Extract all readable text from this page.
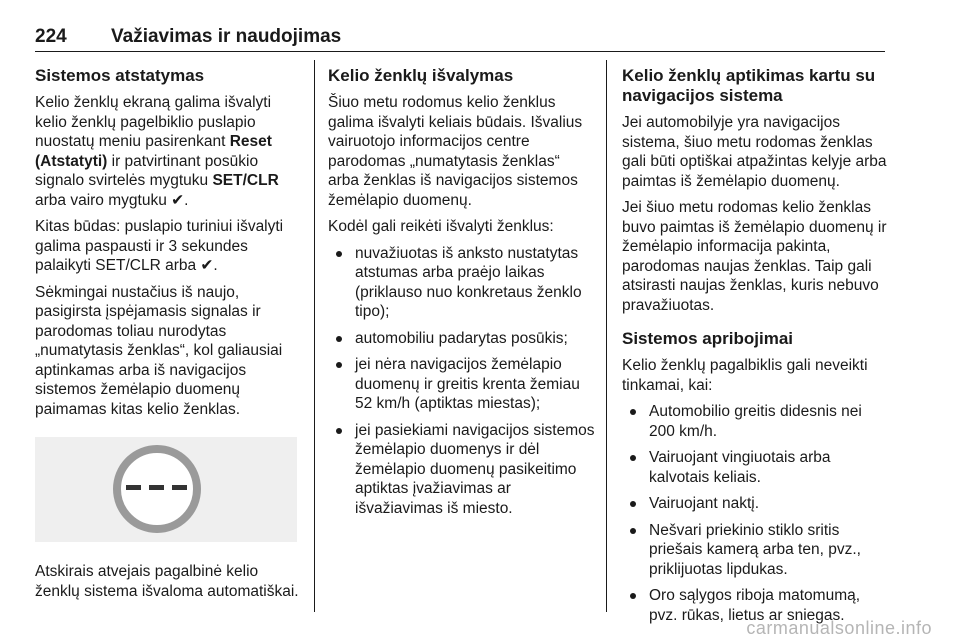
224 Važiavimas ir naudojimas
Sistemos atstatymas

Kelio ženklų ekraną galima išvalyti kelio ženklų pagelbiklio puslapio nuostatų meniu pasirenkant Reset (Atstatyti) ir patvirtinant posūkio signalo svirtelės mygtuku SET/CLR arba vairo mygtuku ✔.

Kitas būdas: puslapio turiniui išvalyti galima paspausti ir 3 sekundes palaikyti SET/CLR arba ✔.

Sėkmingai nustačius iš naujo, pasigirsta įspėjamasis signalas ir parodomas toliau nurodytas „numatytasis ženklas“, kol galiausiai aptinkamas arba iš navigacijos sistemos žemėlapio duomenų paimamas kitas kelio ženklas.

Atskirais atvejais pagalbinė kelio ženklų sistema išvaloma automatiškai.

Kelio ženklų išvalymas

Šiuo metu rodomus kelio ženklus galima išvalyti keliais būdais. Išvalius vairuotojo informacijos centre parodomas „numatytasis ženklas“ arba ženklas iš navigacijos sistemos žemėlapio duomenų.

Kodėl gali reikėti išvalyti ženklus:

nuvažiuotas iš anksto nustatytas atstumas arba praėjo laikas (priklauso nuo konkretaus ženklo tipo);
automobiliu padarytas posūkis;
jei nėra navigacijos žemėlapio duomenų ir greitis krenta žemiau 52 km/h (aptiktas miestas);
jei pasiekiami navigacijos sistemos žemėlapio duomenys ir dėl žemėlapio duomenų pasikeitimo aptiktas įvažiavimas ar išvažiavimas iš miesto.
Kelio ženklų aptikimas kartu su navigacijos sistema

Jei automobilyje yra navigacijos sistema, šiuo metu rodomas ženklas gali būti optiškai atpažintas kelyje arba paimtas iš žemėlapio duomenų.

Jei šiuo metu rodomas kelio ženklas buvo paimtas iš žemėlapio duomenų ir žemėlapio informacija pakinta, parodomas naujas ženklas. Taip gali atsirasti naujas ženklas, kuris nebuvo pravažiuotas.

Sistemos apribojimai

Kelio ženklų pagalbiklis gali neveikti tinkamai, kai:

Automobilio greitis didesnis nei 200 km/h.
Vairuojant vingiuotais arba kalvotais keliais.
Vairuojant naktį.
Nešvari priekinio stiklo sritis priešais kamerą arba ten, pvz., priklijuotas lipdukas.
Oro sąlygos riboja matomumą, pvz. rūkas, lietus ar sniegas.
carmanualsonline.info
